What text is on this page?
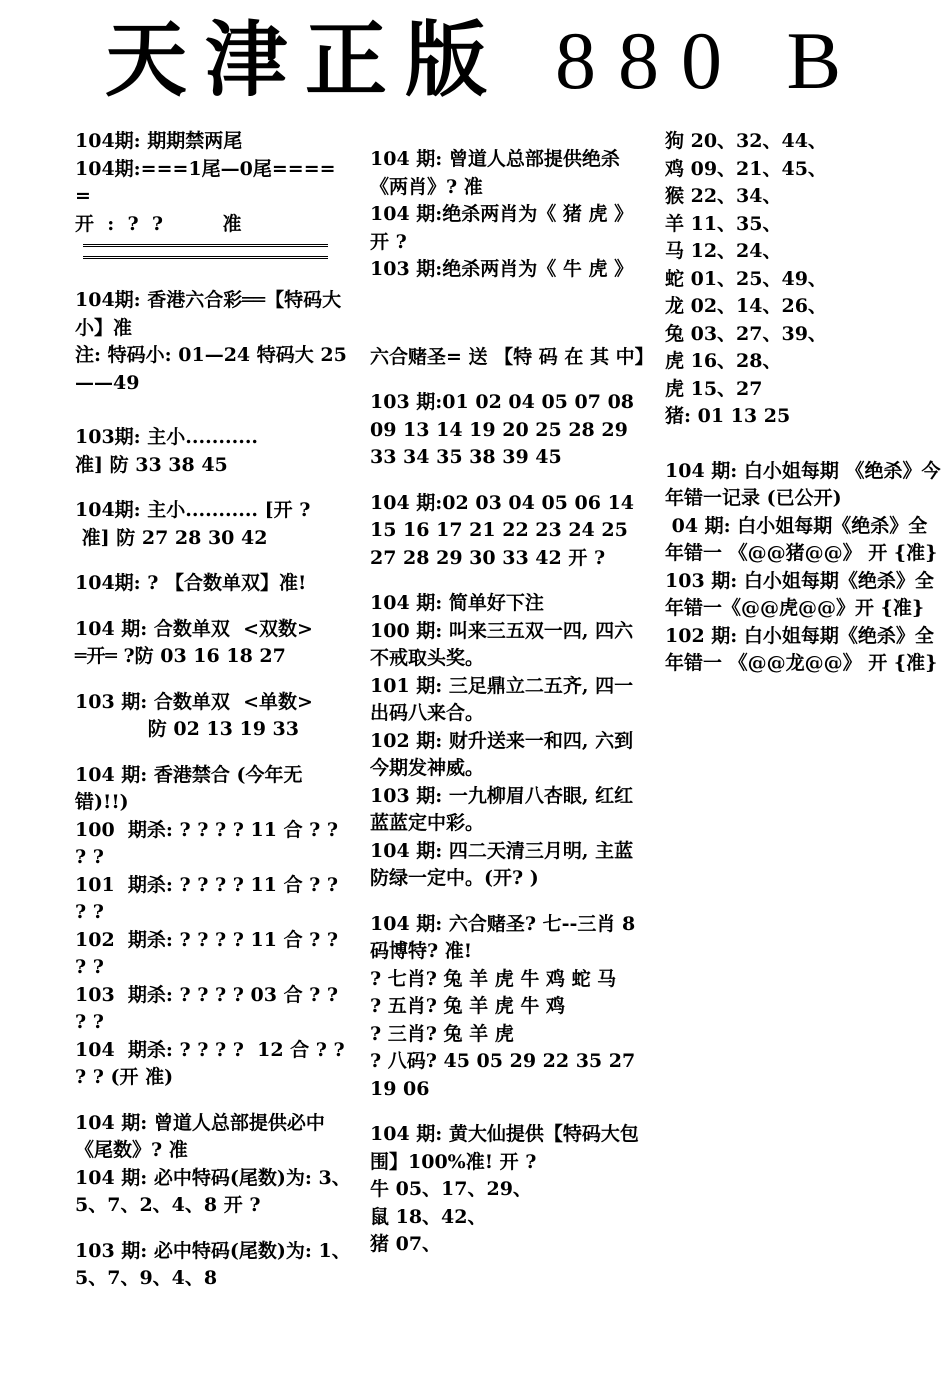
天津正版 880 B

104期: 期期禁两尾

104期:===1尾—0尾====

=

开  :  ?  ?         准

104期: 香港六合彩══【特码大小】准

注: 特码小: 01—24 特码大 25——49

103期: 主小...........

准] 防 33 38 45

104期: 主小........... [开 ?

准] 防 27 28 30 42

104期: ? 【合数单双】准!

104 期: 合数单双  <双数>

═开═ ?防 03 16 18 27

103 期: 合数单双  <单数>

防 02 13 19 33

104 期: 香港禁合 (今年无错)!!)

100  期杀: ? ? ? ? 11 合 ? ? ? ?

101  期杀: ? ? ? ? 11 合 ? ? ? ?

102  期杀: ? ? ? ? 11 合 ? ? ? ?

103  期杀: ? ? ? ? 03 合 ? ? ? ?

104  期杀: ? ? ? ?  12 合 ? ? ? ? (开 准)

104 期: 曾道人总部提供必中《尾数》? 准

104 期: 必中特码(尾数)为: 3、5、7、2、4、8 开 ?

103 期: 必中特码(尾数)为: 1、5、7、9、4、8

104 期: 曾道人总部提供绝杀《两肖》? 准

104 期:绝杀两肖为《 猪 虎 》开 ?

103 期:绝杀两肖为《 牛 虎 》

六合赌圣= 送 【特 码 在 其 中】

103 期:01 02 04 05 07 08 09 13 14 19 20 25 28 29 33 34 35 38 39 45

104 期:02 03 04 05 06 14 15 16 17 21 22 23 24 25 27 28 29 30 33 42 开 ?

104 期: 简单好下注

100 期: 叫来三五双一四, 四六不戒取头奖。

101 期: 三足鼎立二五齐, 四一出码八来合。

102 期: 财升送来一和四, 六到今期发神威。

103 期: 一九柳眉八杏眼, 红红蓝蓝定中彩。

104 期: 四二天清三月明, 主蓝防绿一定中。(开? )

104 期: 六合赌圣? 七--三肖 8 码博特? 准!

? 七肖? 兔 羊 虎 牛 鸡 蛇 马

? 五肖? 兔 羊 虎 牛 鸡

? 三肖? 兔 羊 虎

? 八码? 45 05 29 22 35 27 19 06

104 期: 黄大仙提供【特码大包围】100%准! 开 ?

牛 05、17、29、

鼠 18、42、

猪 07、

狗 20、32、44、

鸡 09、21、45、

猴 22、34、

羊 11、35、

马 12、24、

蛇 01、25、49、

龙 02、14、26、

兔 03、27、39、

虎 16、28、

虎 15、27

猪: 01 13 25

104 期: 白小姐每期 《绝杀》今年错一记录 (已公开)

04 期: 白小姐每期《绝杀》全年错一 《@@猪@@》 开 {准}

103 期: 白小姐每期《绝杀》全年错一《@@虎@@》开 {准}

102 期: 白小姐每期《绝杀》全年错一 《@@龙@@》 开 {准}
